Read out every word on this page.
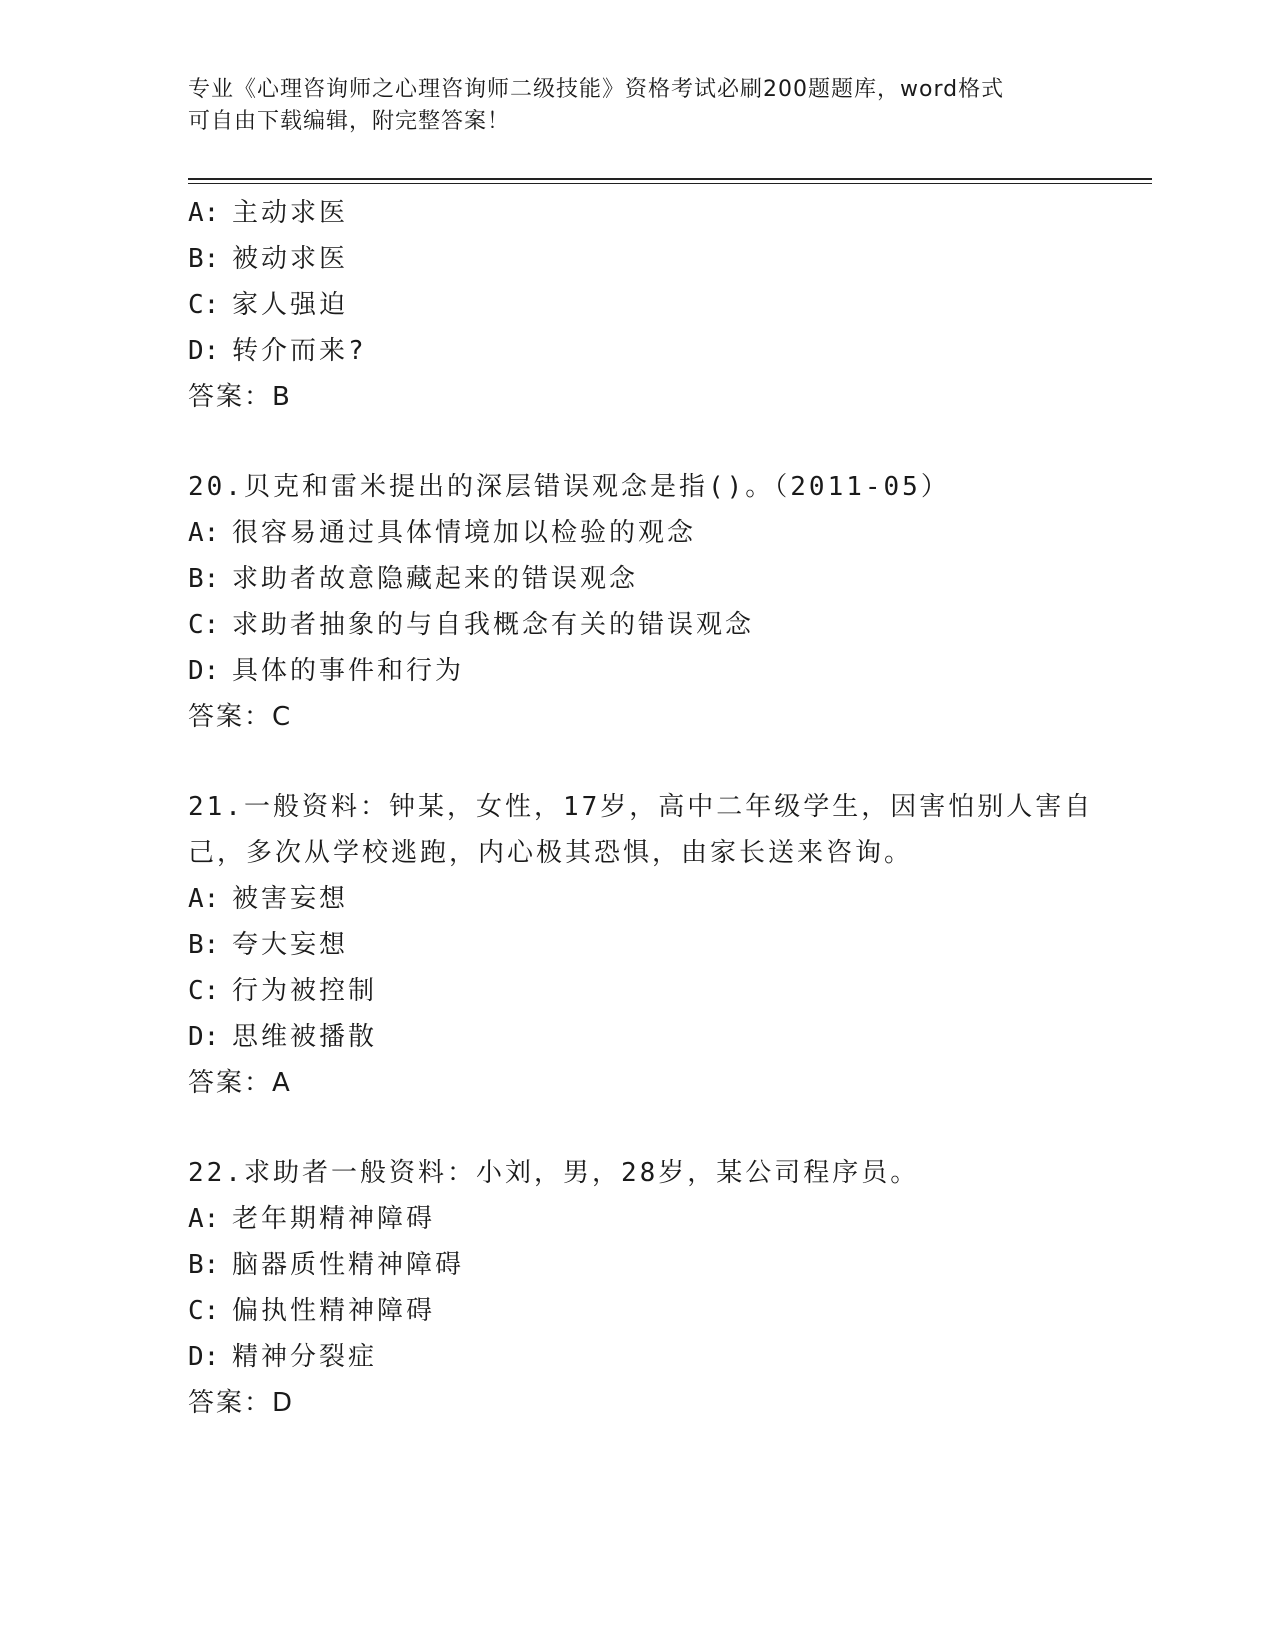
专业《心理咨询师之心理咨询师二级技能》资格考试必刷200题题库，word格式
可自由下载编辑，附完整答案！
A: 主动求医
B: 被动求医
C: 家人强迫
D: 转介而来?
答案：B
20.贝克和雷米提出的深层错误观念是指()。（2011-05）
A: 很容易通过具体情境加以检验的观念
B: 求助者故意隐藏起来的错误观念
C: 求助者抽象的与自我概念有关的错误观念
D: 具体的事件和行为
答案：C
21.一般资料：钟某，女性，17岁，高中二年级学生，因害怕别人害自
己，多次从学校逃跑，内心极其恐惧，由家长送来咨询。
A: 被害妄想
B: 夸大妄想
C: 行为被控制
D: 思维被播散
答案：A
22.求助者一般资料：小刘，男，28岁，某公司程序员。
A: 老年期精神障碍
B: 脑器质性精神障碍
C: 偏执性精神障碍
D: 精神分裂症
答案：D
